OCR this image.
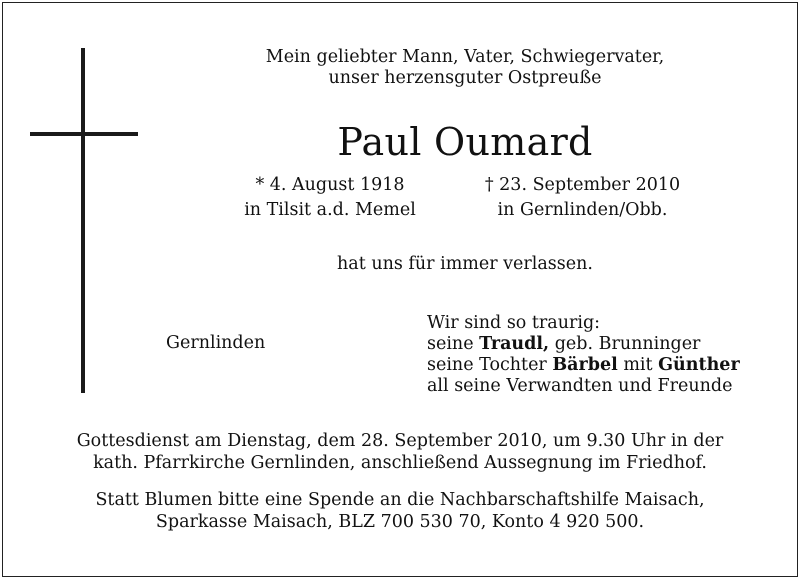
Mein geliebter Mann, Vater, Schwiegervater,
unser herzensguter Ostpreuße
Paul Oumard
* 4. August 1918
in Tilsit a.d. Memel
† 23. September 2010
in Gernlinden/Obb.
hat uns für immer verlassen.
Gernlinden
Wir sind so traurig:
seine Traudl, geb. Brunninger
seine Tochter Bärbel mit Günther
all seine Verwandten und Freunde
Gottesdienst am Dienstag, dem 28. September 2010, um 9.30 Uhr in der
kath. Pfarrkirche Gernlinden, anschließend Aussegnung im Friedhof.
Statt Blumen bitte eine Spende an die Nachbarschaftshilfe Maisach,
Sparkasse Maisach, BLZ 700 530 70, Konto 4 920 500.
